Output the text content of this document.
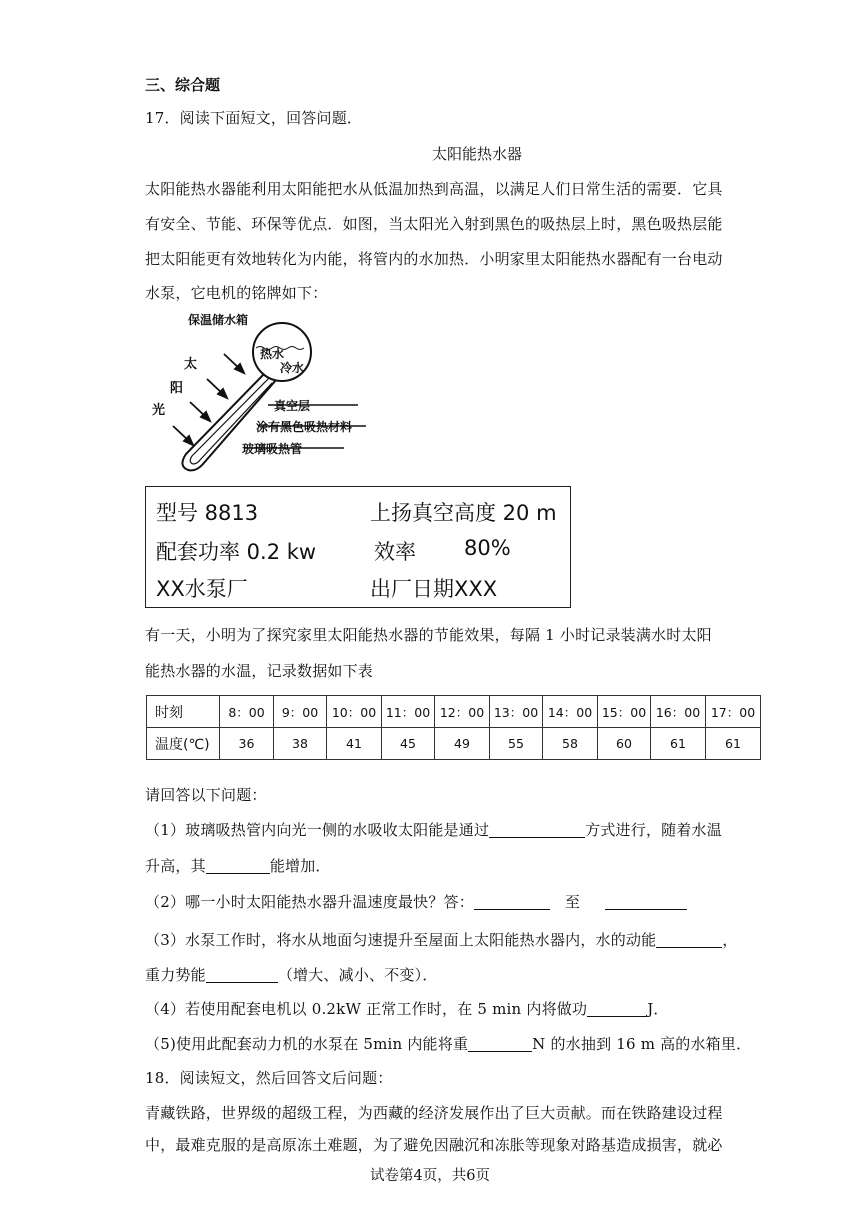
三、综合题
17．阅读下面短文，回答问题．
太阳能热水器
太阳能热水器能利用太阳能把水从低温加热到高温，以满足人们日常生活的需要．它具
有安全、节能、环保等优点．如图，当太阳光入射到黑色的吸热层上时，黑色吸热层能
把太阳能更有效地转化为内能，将管内的水加热．小明家里太阳能热水器配有一台电动
水泵，它电机的铭牌如下：
保温储水箱
热水
冷水
真空层
涂有黑色吸热材料
玻璃吸热管
太
阳
光
型号 8813	上扬真空高度 20 m
配套功率 0.2 kw	效率 80%
XX水泵厂	出厂日期XXX
有一天，小明为了探究家里太阳能热水器的节能效果，每隔 1 小时记录装满水时太阳
能热水器的水温，记录数据如下表
时刻	8：00	9：00	10：00	11：00	12：00	13：00	14：00	15：00	16：00	17：00
温度(℃)	36	38	41	45	49	55	58	60	61	61
请回答以下问题：
（1）玻璃吸热管内向光一侧的水吸收太阳能是通过	方式进行，随着水温
升高，其	能增加．
（2）哪一小时太阳能热水器升温速度最快？答：	至
（3）水泵工作时，将水从地面匀速提升至屋面上太阳能热水器内，水的动能	，
重力势能	（增大、减小、不变）．
（4）若使用配套电机以 0.2kW 正常工作时，在 5 min 内将做功	J．
（5)使用此配套动力机的水泵在 5min 内能将重	N 的水抽到 16 m 高的水箱里．
18．阅读短文，然后回答文后问题：
青藏铁路，世界级的超级工程，为西藏的经济发展作出了巨大贡献。而在铁路建设过程
中，最难克服的是高原冻土难题，为了避免因融沉和冻胀等现象对路基造成损害，就必
试卷第4页，共6页
